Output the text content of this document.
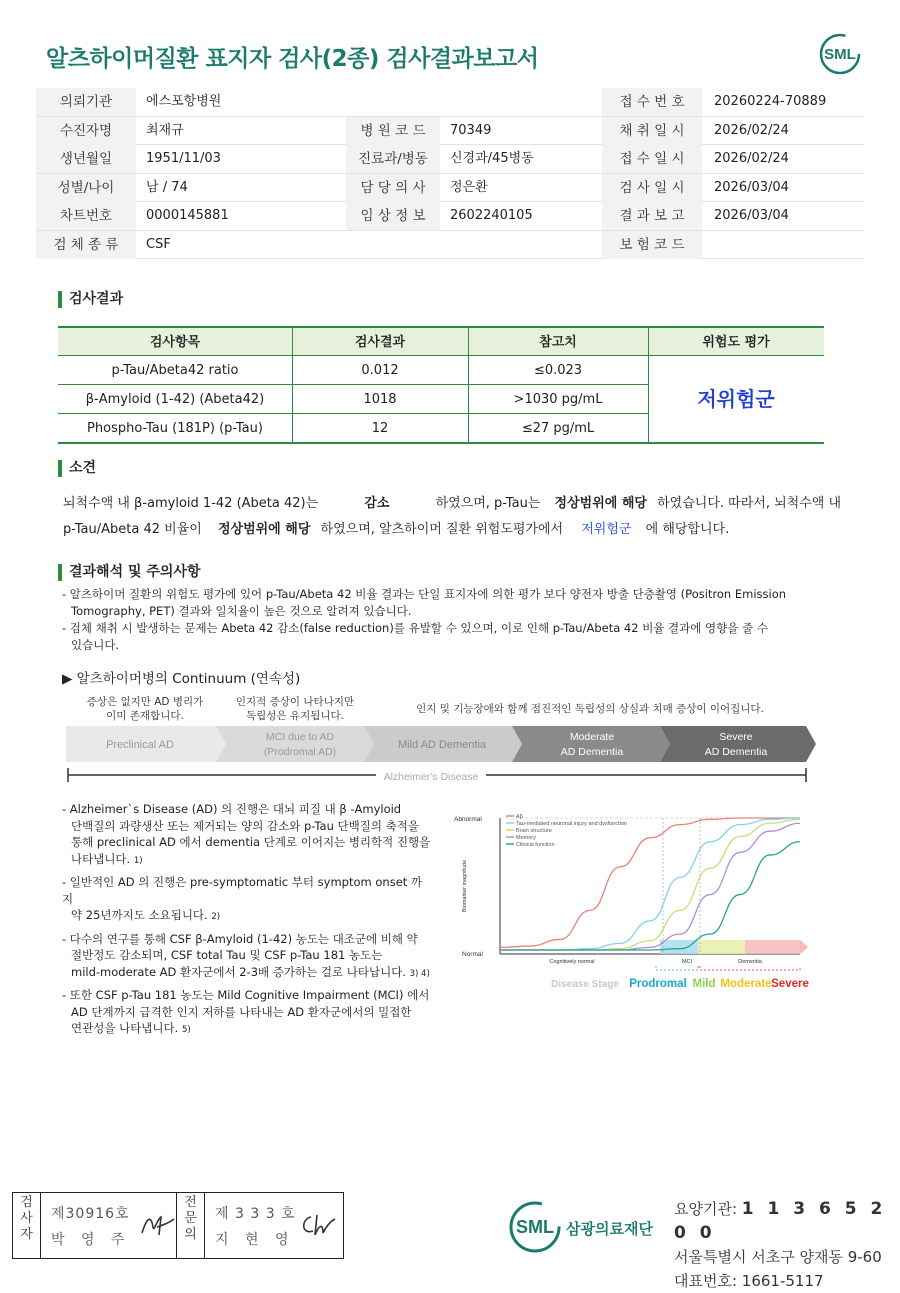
알츠하이머질환 표지자 검사(2종) 검사결과보고서	SML
의뢰기관	에스포항병원	접 수 번 호	20260224-70889
수진자명	최재규	병 원 코 드	70349	채 취 일 시	2026/02/24
생년월일	1951/11/03	진료과/병동	신경과/45병동	접 수 일 시	2026/02/24
성별/나이	남 / 74	담 당 의 사	정은환	검 사 일 시	2026/03/04
차트번호	0000145881	임 상 정 보	2602240105	결 과 보 고	2026/03/04
검 체 종 류	CSF	보 험 코 드
검사결과
검사항목	검사결과	참고치	위험도 평가
p-Tau/Abeta42 ratio	0.012	≤0.023
β-Amyloid (1-42) (Abeta42)	1018	>1030 pg/mL
Phospho-Tau (181P) (p-Tau)	12	≤27 pg/mL
저위험군
소견
뇌척수액 내 β-amyloid 1-42 (Abeta 42)는	감소	하였으며, p-Tau는 정상범위에 해당 하였습니다. 따라서, 뇌척수액 내
p-Tau/Abeta 42 비율이 정상범위에 해당 하였으며, 알츠하이머 질환 위험도평가에서 저위험군 에 해당합니다.
결과해석 및 주의사항
- 알츠하이머 질환의 위험도 평가에 있어 p-Tau/Abeta 42 비율 결과는 단일 표지자에 의한 평가 보다 양전자 방출 단층촬영 (Positron Emission
Tomography, PET) 결과와 일치율이 높은 것으로 알려져 있습니다.
- 검체 채취 시 발생하는 문제는 Abeta 42 감소(false reduction)를 유발할 수 있으며, 이로 인해 p-Tau/Abeta 42 비율 결과에 영향을 줄 수
있습니다.
▶ 알츠하이머병의 Continuum (연속성)
증상은 없지만 AD 병리가
이미 존재합니다.
인지적 증상이 나타나지만
독립성은 유지됩니다.
인지 및 기능장애와 함께 점진적인 독립성의 상실과 치매 증상이 이어집니다.
Preclinical AD
MCI due to AD
(Prodromal AD)
Mild AD Dementia
Moderate
AD Dementia
Severe
AD Dementia
Alzheimer's Disease
- Alzheimer`s Disease (AD) 의 진행은 대뇌 피질 내 β -Amyloid
단백질의 과량생산 또는 제거되는 양의 감소와 p-Tau 단백질의 축적을
통해 preclinical AD 에서 dementia 단계로 이어지는 병리학적 진행을
나타냅니다. 1)
- 일반적인 AD 의 진행은 pre-symptomatic 부터 symptom onset 까지
약 25년까지도 소요됩니다. 2)
- 다수의 연구를 통해 CSF β-Amyloid (1-42) 농도는 대조군에 비해 약
절반정도 감소되며, CSF total Tau 및 CSF p-Tau 181 농도는
mild-moderate AD 환자군에서 2-3배 증가하는 걸로 나타납니다. 3) 4)
- 또한 CSF p-Tau 181 농도는 Mild Cognitive Impairment (MCI) 에서
AD 단계까지 급격한 인지 저하를 나타내는 AD 환자군에서의 밀접한
연관성을 나타냅니다. 5)
Aβ
Tau-mediated neuronal injury and dysfunction
Brain structure
Memory
Clinical function
Abnormal
Normal
Biomarker magnitude
Cognitively normal	MCI	Dementia
Disease Stage Prodromal Mild Moderate Severe
검
사
자
제30916호
박 영 주
전
문
의
제 3 3 3 호
지 현 영
SML 삼광의료재단
요양기관: 1 1 3 6 5 2 0 0
서울특별시 서초구 양재동 9-60
대표번호: 1661-5117
